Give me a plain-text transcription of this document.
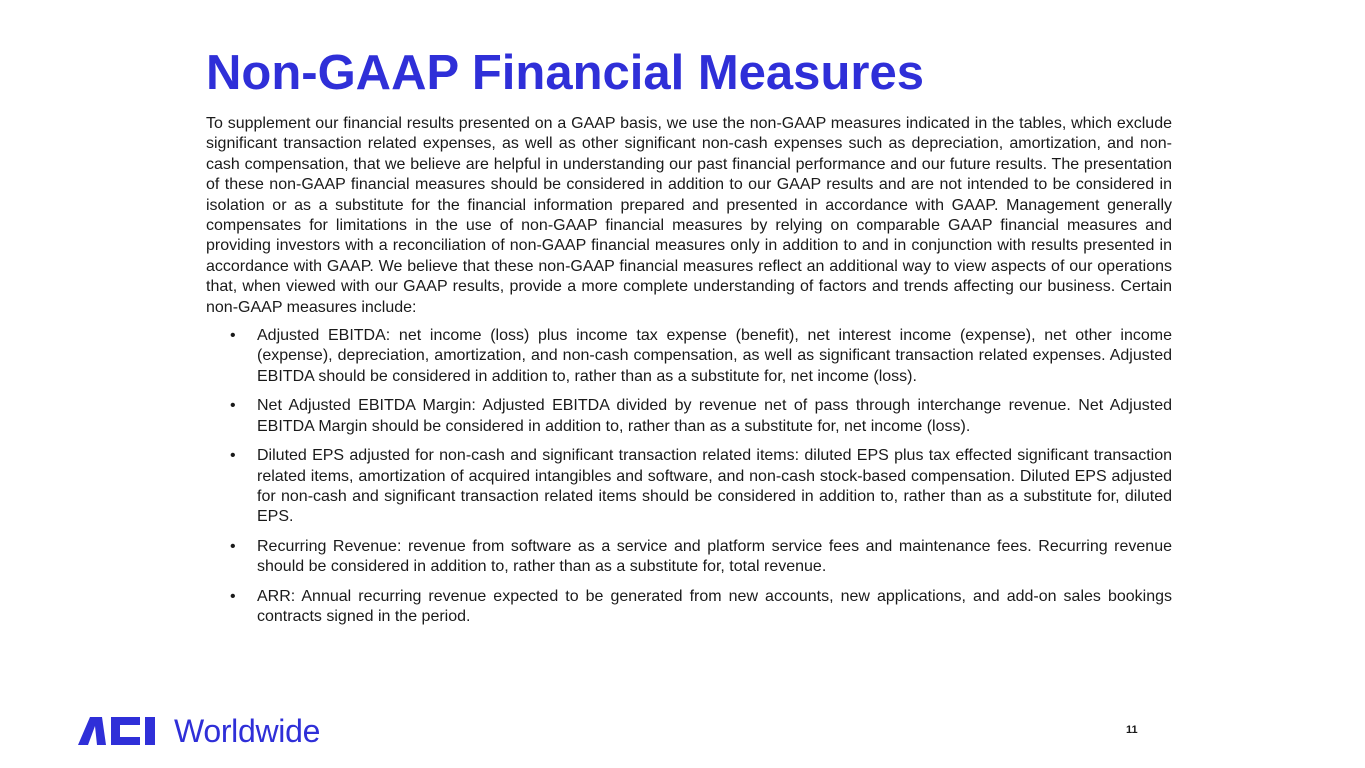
Non-GAAP Financial Measures

To supplement our financial results presented on a GAAP basis, we use the non-GAAP measures indicated in the tables, which exclude significant transaction related expenses, as well as other significant non-cash expenses such as depreciation, amortization, and non-cash compensation, that we believe are helpful in understanding our past financial performance and our future results. The presentation of these non-GAAP financial measures should be considered in addition to our GAAP results and are not intended to be considered in isolation or as a substitute for the financial information prepared and presented in accordance with GAAP. Management generally compensates for limitations in the use of non-GAAP financial measures by relying on comparable GAAP financial measures and providing investors with a reconciliation of non-GAAP financial measures only in addition to and in conjunction with results presented in accordance with GAAP. We believe that these non-GAAP financial measures reflect an additional way to view aspects of our operations that, when viewed with our GAAP results, provide a more complete understanding of factors and trends affecting our business. Certain non-GAAP measures include:

• Adjusted EBITDA: net income (loss) plus income tax expense (benefit), net interest income (expense), net other income (expense), depreciation, amortization, and non-cash compensation, as well as significant transaction related expenses. Adjusted EBITDA should be considered in addition to, rather than as a substitute for, net income (loss).
• Net Adjusted EBITDA Margin: Adjusted EBITDA divided by revenue net of pass through interchange revenue. Net Adjusted EBITDA Margin should be considered in addition to, rather than as a substitute for, net income (loss).
• Diluted EPS adjusted for non-cash and significant transaction related items: diluted EPS plus tax effected significant transaction related items, amortization of acquired intangibles and software, and non-cash stock-based compensation. Diluted EPS adjusted for non-cash and significant transaction related items should be considered in addition to, rather than as a substitute for, diluted EPS.
• Recurring Revenue: revenue from software as a service and platform service fees and maintenance fees. Recurring revenue should be considered in addition to, rather than as a substitute for, total revenue.
• ARR: Annual recurring revenue expected to be generated from new accounts, new applications, and add-on sales bookings contracts signed in the period.
Worldwide	11
